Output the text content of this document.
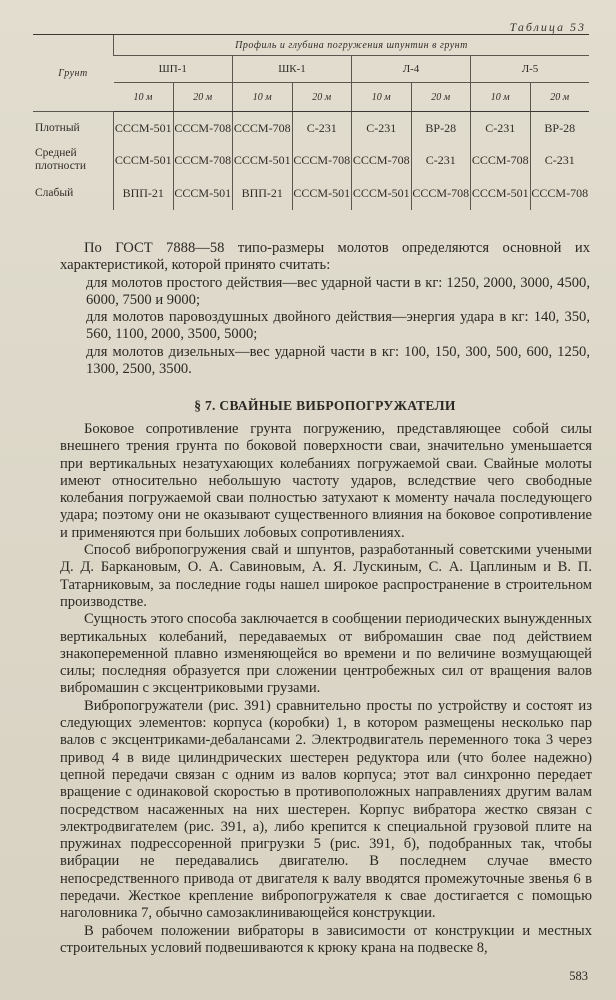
Таблица 53
Грунт	Профиль и глубина погружения шпунтин в грунт							
	ШП-1		ШК-1		Л-4		Л-5	
	10 м	20 м	10 м	20 м	10 м	20 м	10 м	20 м
Плотный	СССМ-501	СССМ-708	СССМ-708	С-231	С-231	ВР-28	С-231	ВР-28
Средней плотности	СССМ-501	СССМ-708	СССМ-501	СССМ-708	СССМ-708	С-231	СССМ-708	С-231
Слабый	ВПП-21	СССМ-501	ВПП-21	СССМ-501	СССМ-501	СССМ-708	СССМ-501	СССМ-708

По ГОСТ 7888—58 типо-размеры молотов определяются основной их характеристикой, которой принято считать:

для молотов простого действия—вес ударной части в кг: 1250, 2000, 3000, 4500, 6000, 7500 и 9000;

для молотов паровоздушных двойного действия—энергия удара в кг: 140, 350, 560, 1100, 2000, 3500, 5000;

для молотов дизельных—вес ударной части в кг: 100, 150, 300, 500, 600, 1250, 1300, 2500, 3500.

§ 7. СВАЙНЫЕ ВИБРОПОГРУЖАТЕЛИ

Боковое сопротивление грунта погружению, представляющее собой силы внешнего трения грунта по боковой поверхности сваи, значительно уменьшается при вертикальных незатухающих колебаниях погружаемой сваи. Свайные молоты имеют относительно небольшую частоту ударов, вследствие чего свободные колебания погружаемой сваи полностью затухают к моменту начала последующего удара; поэтому они не оказывают существенного влияния на боковое сопротивление и применяются при больших лобовых сопротивлениях.

Способ вибропогружения свай и шпунтов, разработанный советскими учеными Д. Д. Баркановым, О. А. Савиновым, А. Я. Лускиным, С. А. Цаплиным и В. П. Татарниковым, за последние годы нашел широкое распространение в строительном производстве.

Сущность этого способа заключается в сообщении периодических вынужденных вертикальных колебаний, передаваемых от вибромашин свае под действием знакопеременной плавно изменяющейся во времени и по величине возмущающей силы; последняя образуется при сложении центробежных сил от вращения валов вибромашин с эксцентриковыми грузами.

Вибропогружатели (рис. 391) сравнительно просты по устройству и состоят из следующих элементов: корпуса (коробки) 1, в котором размещены несколько пар валов с эксцентриками-дебалансами 2. Электродвигатель переменного тока 3 через привод 4 в виде цилиндрических шестерен редуктора или (что более надежно) цепной передачи связан с одним из валов корпуса; этот вал синхронно передает вращение с одинаковой скоростью в противоположных направлениях другим валам посредством насаженных на них шестерен. Корпус вибратора жестко связан с электродвигателем (рис. 391, а), либо крепится к специальной грузовой плите на пружинах подрессоренной пригрузки 5 (рис. 391, б), подобранных так, чтобы вибрации не передавались двигателю. В последнем случае вместо непосредственного привода от двигателя к валу вводятся промежуточные звенья 6 в передачи. Жесткое крепление вибропогружателя к свае достигается с помощью наголовника 7, обычно самозаклинивающейся конструкции.

В рабочем положении вибраторы в зависимости от конструкции и местных строительных условий подвешиваются к крюку крана на подвеске 8,

583
